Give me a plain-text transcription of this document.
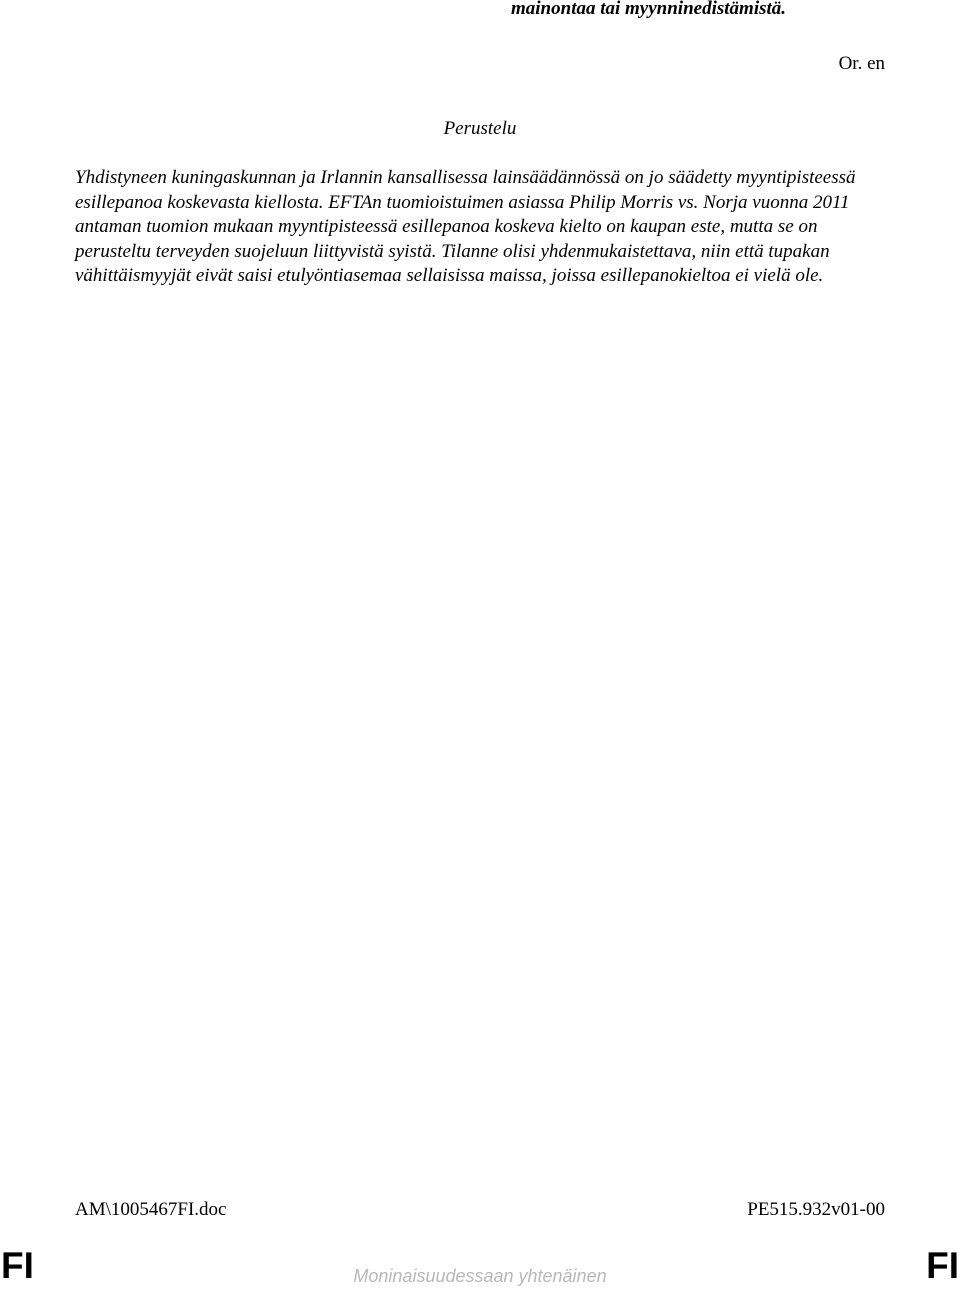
mainontaa tai myynninedistämistä.
Or. en
Perustelu

Yhdistyneen kuningaskunnan ja Irlannin kansallisessa lainsäädännössä on jo säädetty myyntipisteessä esillepanoa koskevasta kiellosta. EFTAn tuomioistuimen asiassa Philip Morris vs. Norja vuonna 2011 antaman tuomion mukaan myyntipisteessä esillepanoa koskeva kielto on kaupan este, mutta se on perusteltu terveyden suojeluun liittyvistä syistä. Tilanne olisi yhdenmukaistettava, niin että tupakan vähittäismyyjät eivät saisi etulyöntiasemaa sellaisissa maissa, joissa esillepanokieltoa ei vielä ole.

AM\1005467FI.doc	PE515.932v01-00
FI	Moninaisuudessaan yhtenäinen	FI
